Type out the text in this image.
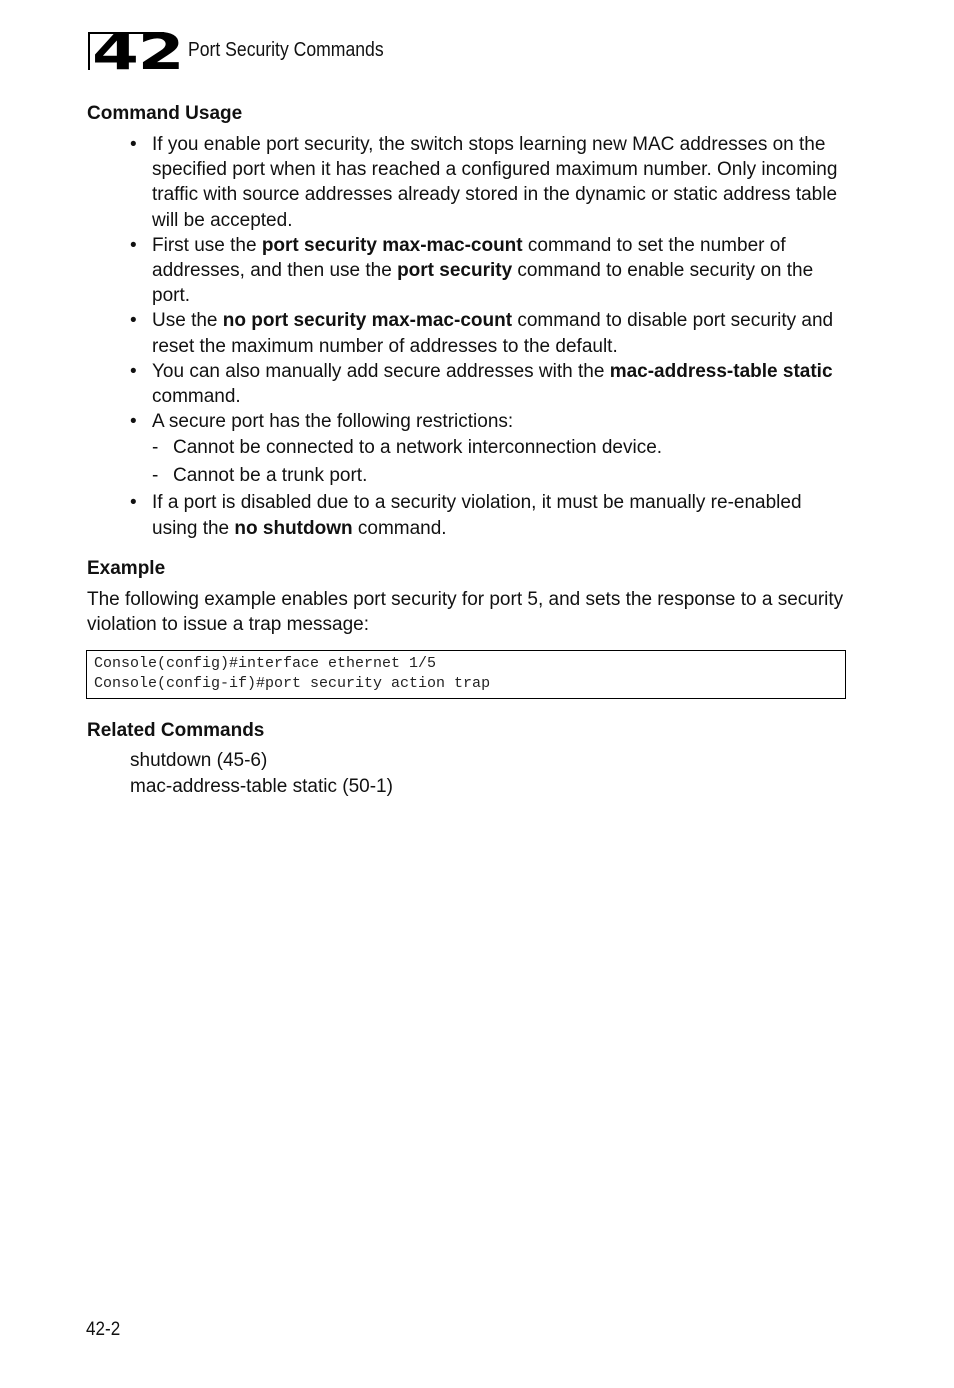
42 Port Security Commands
Command Usage
• If you enable port security, the switch stops learning new MAC addresses on the specified port when it has reached a configured maximum number. Only incoming traffic with source addresses already stored in the dynamic or static address table will be accepted.
• First use the port security max-mac-count command to set the number of addresses, and then use the port security command to enable security on the port.
• Use the no port security max-mac-count command to disable port security and reset the maximum number of addresses to the default.
• You can also manually add secure addresses with the mac-address-table static command.
• A secure port has the following restrictions:
- Cannot be connected to a network interconnection device.
- Cannot be a trunk port.
• If a port is disabled due to a security violation, it must be manually re-enabled using the no shutdown command.
Example

The following example enables port security for port 5, and sets the response to a security violation to issue a trap message:

Console(config)#interface ethernet 1/5
Console(config-if)#port security action trap
Related Commands
shutdown (45-6)
mac-address-table static (50-1)
42-2
